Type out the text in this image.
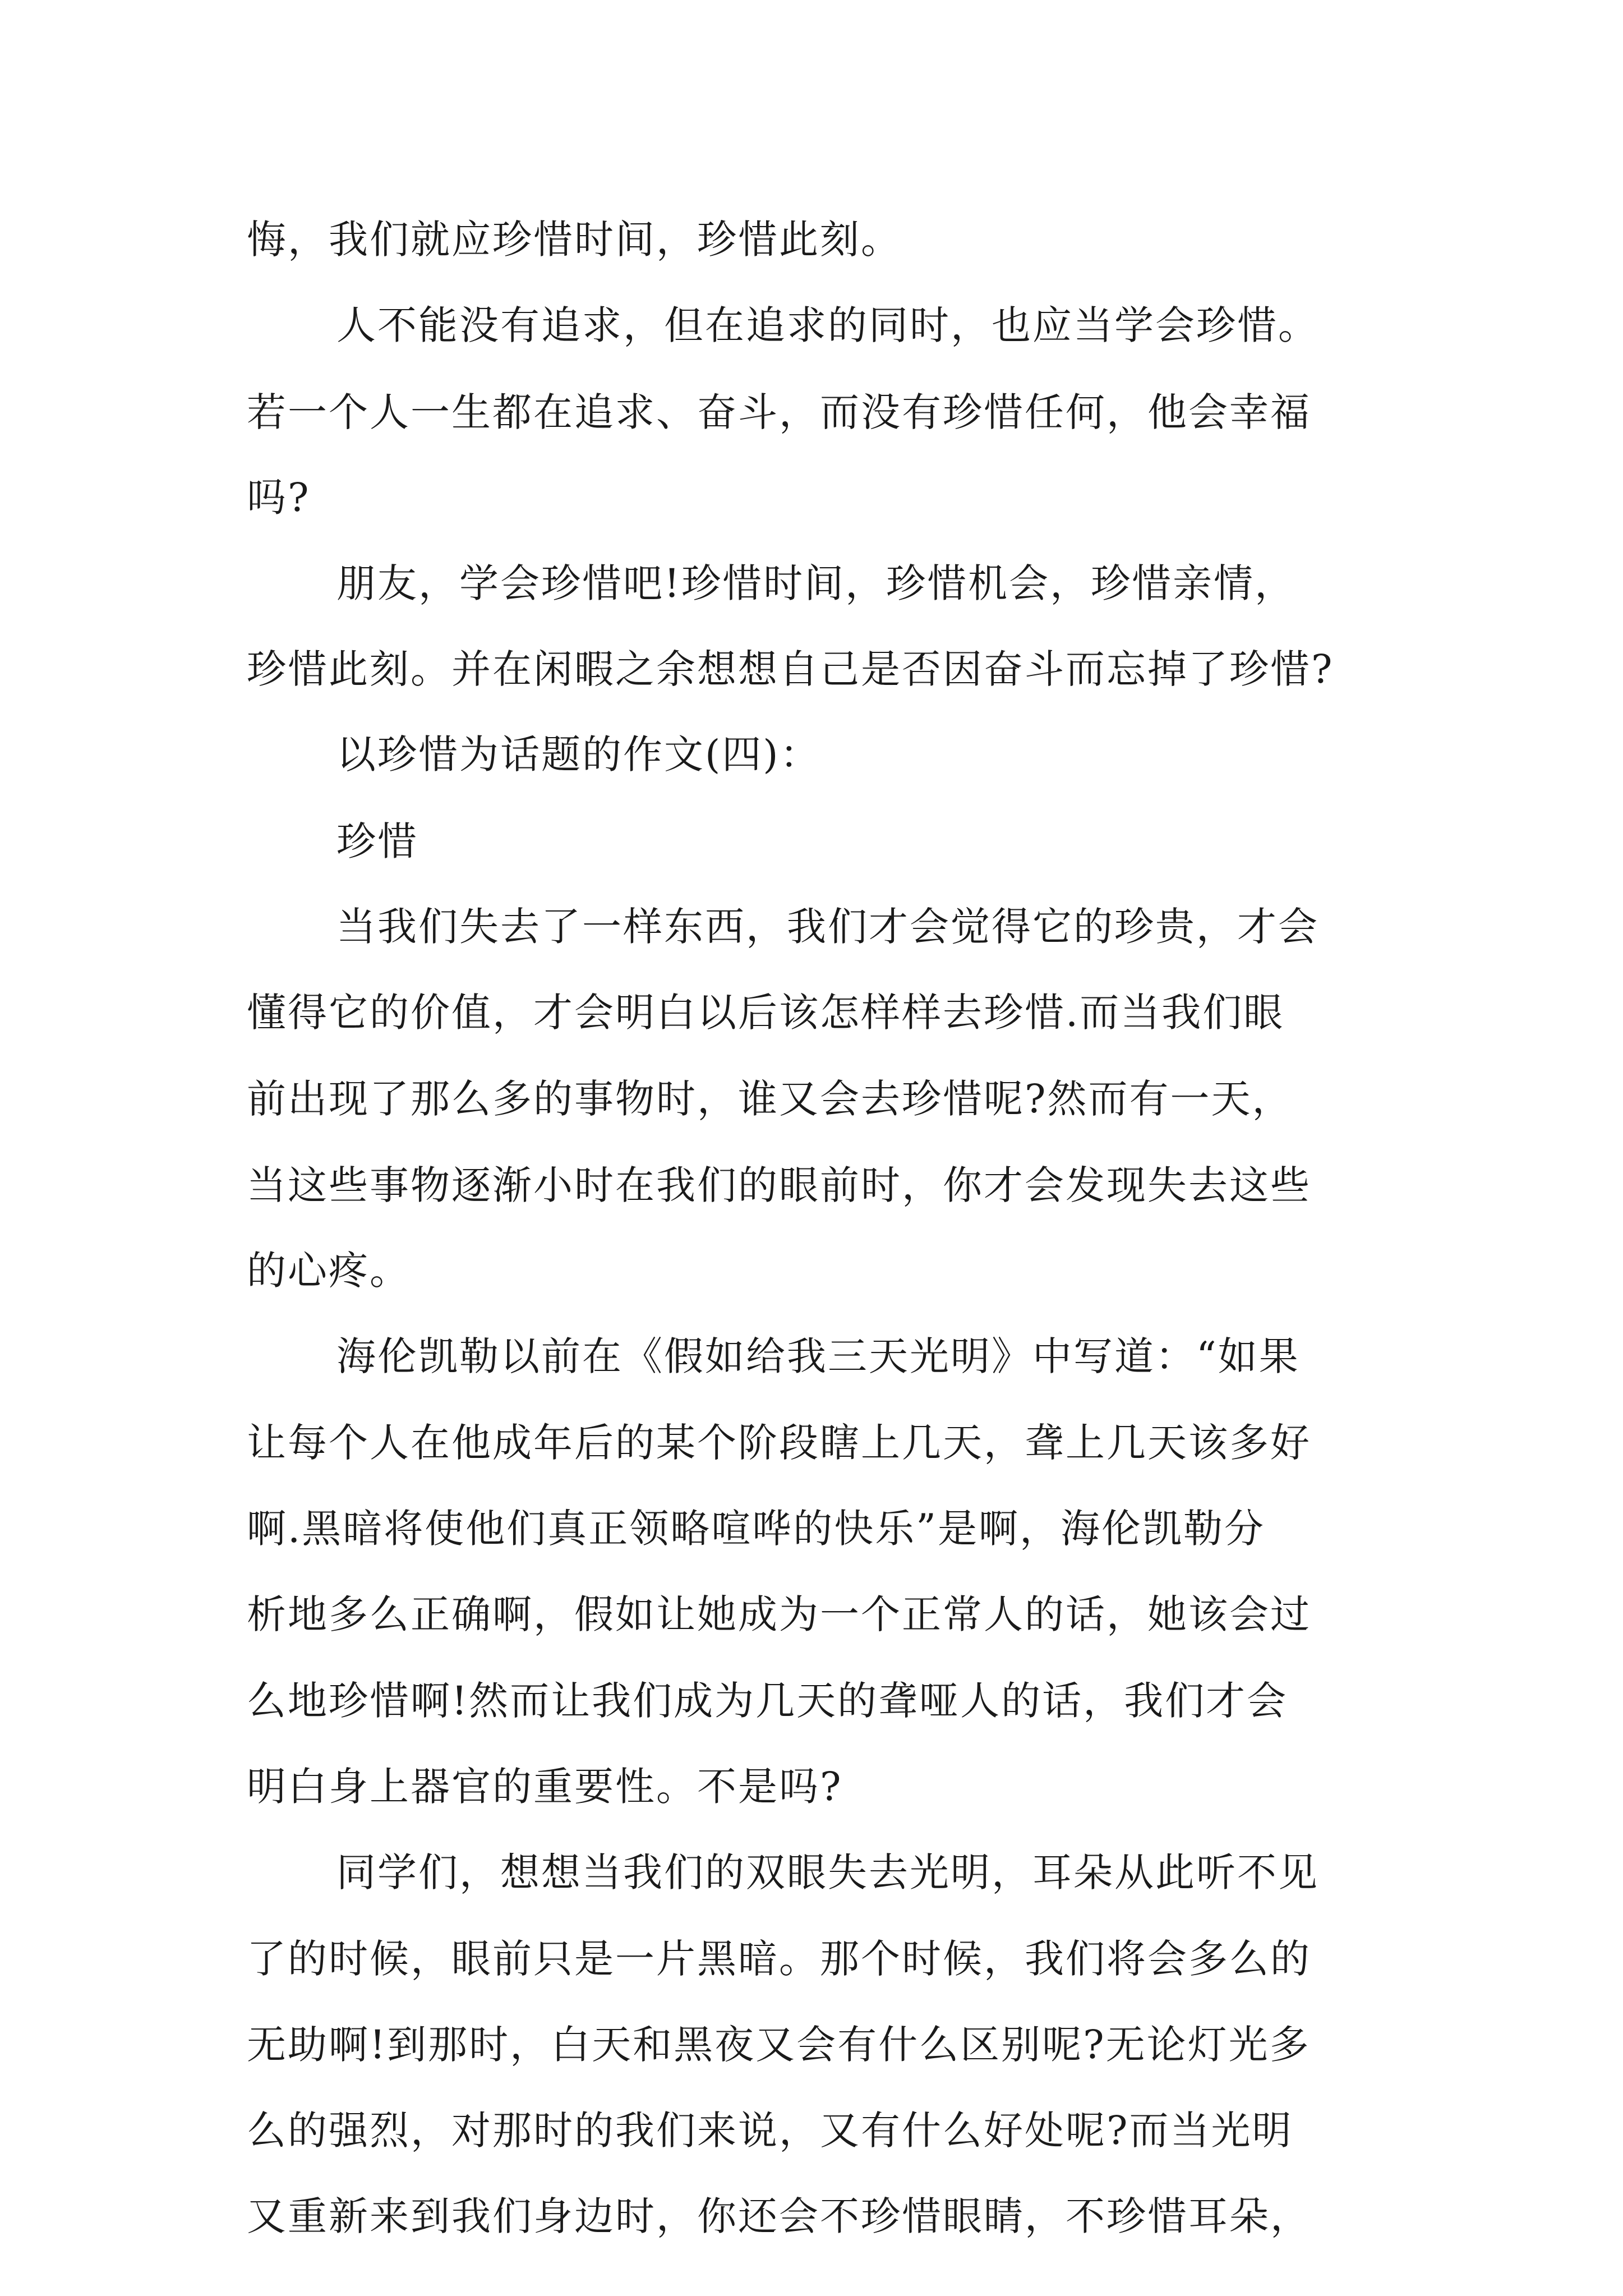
悔，我们就应珍惜时间，珍惜此刻。

人不能没有追求，但在追求的同时，也应当学会珍惜。

若一个人一生都在追求、奋斗，而没有珍惜任何，他会幸福

吗?

朋友，学会珍惜吧!珍惜时间，珍惜机会，珍惜亲情，

珍惜此刻。并在闲暇之余想想自己是否因奋斗而忘掉了珍惜?

以珍惜为话题的作文(四)：

珍惜

当我们失去了一样东西，我们才会觉得它的珍贵，才会

懂得它的价值，才会明白以后该怎样样去珍惜.而当我们眼

前出现了那么多的事物时，谁又会去珍惜呢?然而有一天，

当这些事物逐渐小时在我们的眼前时，你才会发现失去这些

的心疼。

海伦凯勒以前在《假如给我三天光明》中写道：“如果

让每个人在他成年后的某个阶段瞎上几天，聋上几天该多好

啊.黑暗将使他们真正领略喧哗的快乐”是啊，海伦凯勒分

析地多么正确啊，假如让她成为一个正常人的话，她该会过

么地珍惜啊!然而让我们成为几天的聋哑人的话，我们才会

明白身上器官的重要性。不是吗?

同学们，想想当我们的双眼失去光明，耳朵从此听不见

了的时候，眼前只是一片黑暗。那个时候，我们将会多么的

无助啊!到那时，白天和黑夜又会有什么区别呢?无论灯光多

么的强烈，对那时的我们来说，又有什么好处呢?而当光明

又重新来到我们身边时，你还会不珍惜眼睛，不珍惜耳朵，
